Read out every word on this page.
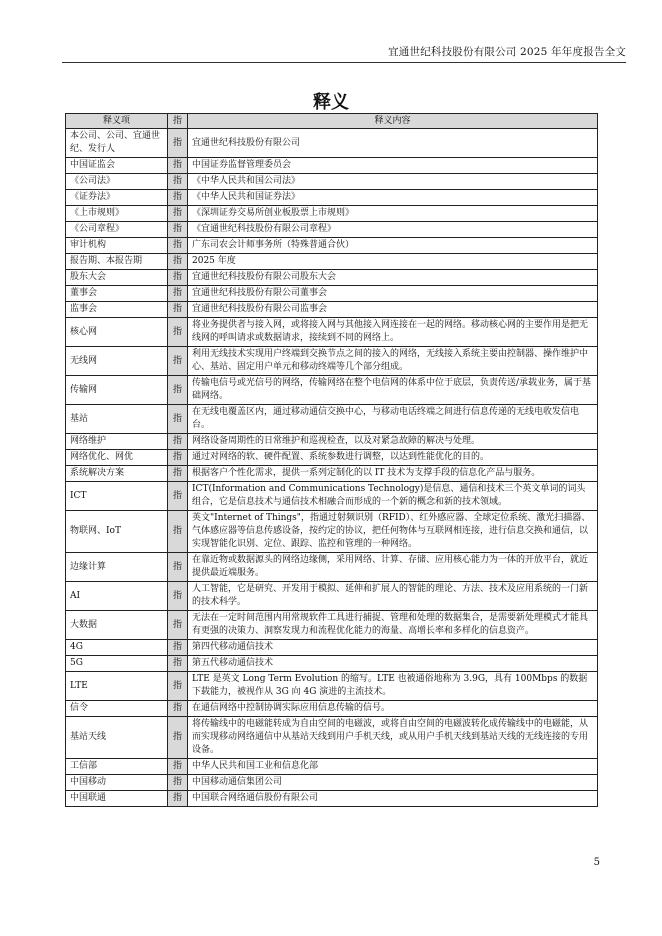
宜通世纪科技股份有限公司 2025 年年度报告全文
释义
释义项	指	释义内容
本公司、公司、宜通世纪、发行人	指	宜通世纪科技股份有限公司
中国证监会	指	中国证券监督管理委员会
《公司法》	指	《中华人民共和国公司法》
《证券法》	指	《中华人民共和国证券法》
《上市规则》	指	《深圳证券交易所创业板股票上市规则》
《公司章程》	指	《宜通世纪科技股份有限公司章程》
审计机构	指	广东司农会计师事务所（特殊普通合伙）
报告期、本报告期	指	2025 年度
股东大会	指	宜通世纪科技股份有限公司股东大会
董事会	指	宜通世纪科技股份有限公司董事会
监事会	指	宜通世纪科技股份有限公司监事会
核心网	指	将业务提供者与接入网，或将接入网与其他接入网连接在一起的网络。移动核心网的主要作用是把无线网的呼叫请求或数据请求，接续到不同的网络上。
无线网	指	利用无线技术实现用户终端到交换节点之间的接入的网络，无线接入系统主要由控制器、操作维护中心、基站、固定用户单元和移动终端等几个部分组成。
传输网	指	传输电信号或光信号的网络，传输网络在整个电信网的体系中位于底层，负责传送/承载业务，属于基础网络。
基站	指	在无线电覆盖区内，通过移动通信交换中心，与移动电话终端之间进行信息传递的无线电收发信电台。
网络维护	指	网络设备周期性的日常维护和巡视检查，以及对紧急故障的解决与处理。
网络优化、网优	指	通过对网络的软、硬件配置、系统参数进行调整，以达到性能优化的目的。
系统解决方案	指	根据客户个性化需求，提供一系列定制化的以 IT 技术为支撑手段的信息化产品与服务。
ICT	指	ICT(Information and Communications Technology)是信息、通信和技术三个英文单词的词头组合，它是信息技术与通信技术相融合而形成的一个新的概念和新的技术领域。
物联网、IoT	指	英文"Internet of Things"，指通过射频识别（RFID）、红外感应器、全球定位系统、激光扫描器、气体感应器等信息传感设备，按约定的协议，把任何物体与互联网相连接，进行信息交换和通信，以实现智能化识别、定位、跟踪、监控和管理的一种网络。
边缘计算	指	在靠近物或数据源头的网络边缘侧，采用网络、计算、存储、应用核心能力为一体的开放平台，就近提供最近端服务。
AI	指	人工智能，它是研究、开发用于模拟、延伸和扩展人的智能的理论、方法、技术及应用系统的一门新的技术科学。
大数据	指	无法在一定时间范围内用常规软件工具进行捕捉、管理和处理的数据集合，是需要新处理模式才能具有更强的决策力、洞察发现力和流程优化能力的海量、高增长率和多样化的信息资产。
4G	指	第四代移动通信技术
5G	指	第五代移动通信技术
LTE	指	LTE 是英文 Long Term Evolution 的缩写。LTE 也被通俗地称为 3.9G，具有 100Mbps 的数据下载能力，被视作从 3G 向 4G 演进的主流技术。
信令	指	在通信网络中控制协调实际应用信息传输的信号。
基站天线	指	将传输线中的电磁能转成为自由空间的电磁波，或将自由空间的电磁波转化成传输线中的电磁能，从而实现移动网络通信中从基站天线到用户手机天线，或从用户手机天线到基站天线的无线连接的专用设备。
工信部	指	中华人民共和国工业和信息化部
中国移动	指	中国移动通信集团公司
中国联通	指	中国联合网络通信股份有限公司
5
